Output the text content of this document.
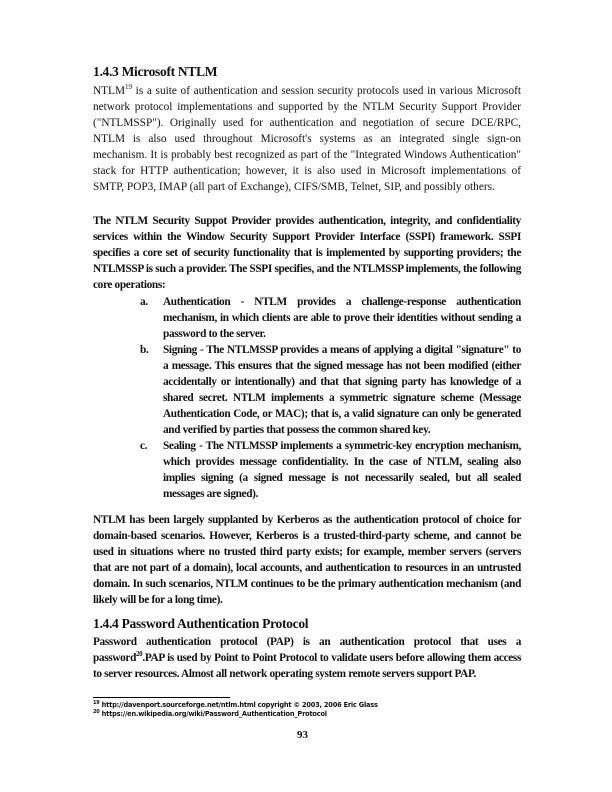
1.4.3 Microsoft NTLM
NTLM$^{19}$ is a suite of authentication and session security protocols used in various Microsoft network protocol implementations and supported by the NTLM Security Support Provider ("NTLMSSP"). Originally used for authentication and negotiation of secure DCE/RPC, NTLM is also used throughout Microsoft's systems as an integrated single sign-on mechanism. It is probably best recognized as part of the "Integrated Windows Authentication" stack for HTTP authentication; however, it is also used in Microsoft implementations of SMTP, POP3, IMAP (all part of Exchange), CIFS/SMB, Telnet, SIP, and possibly others.
The NTLM Security Suppot Provider provides authentication, integrity, and confidentiality services within the Window Security Support Provider Interface (SSPI) framework. SSPI specifies a core set of security functionality that is implemented by supporting providers; the NTLMSSP is such a provider. The SSPI specifies, and the NTLMSSP implements, the following core operations:
a. Authentication - NTLM provides a challenge-response authentication mechanism, in which clients are able to prove their identities without sending a password to the server.
b. Signing - The NTLMSSP provides a means of applying a digital "signature" to a message. This ensures that the signed message has not been modified (either accidentally or intentionally) and that that signing party has knowledge of a shared secret. NTLM implements a symmetric signature scheme (Message Authentication Code, or MAC); that is, a valid signature can only be generated and verified by parties that possess the common shared key.
c. Sealing - The NTLMSSP implements a symmetric-key encryption mechanism, which provides message confidentiality. In the case of NTLM, sealing also implies signing (a signed message is not necessarily sealed, but all sealed messages are signed).
NTLM has been largely supplanted by Kerberos as the authentication protocol of choice for domain-based scenarios. However, Kerberos is a trusted-third-party scheme, and cannot be used in situations where no trusted third party exists; for example, member servers (servers that are not part of a domain), local accounts, and authentication to resources in an untrusted domain. In such scenarios, NTLM continues to be the primary authentication mechanism (and likely will be for a long time).
1.4.4 Password Authentication Protocol
Password authentication protocol (PAP) is an authentication protocol that uses a password$^{20}$.PAP is used by Point to Point Protocol to validate users before allowing them access to server resources. Almost all network operating system remote servers support PAP.
$^{19}$ http://davenport.sourceforge.net/ntlm.html copyright © 2003, 2006 Eric Glass
$^{20}$ https://en.wikipedia.org/wiki/Password_Authentication_Protocol
93
